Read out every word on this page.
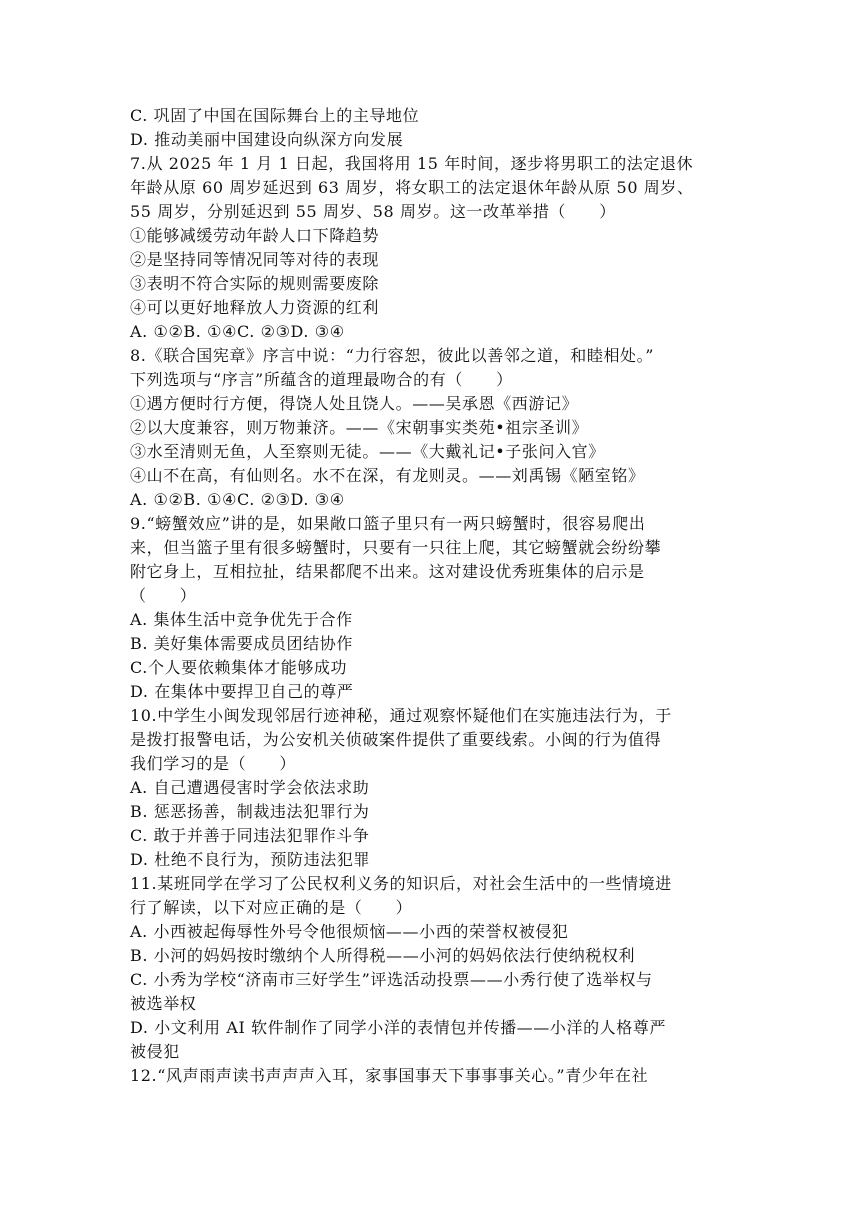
C. 巩固了中国在国际舞台上的主导地位
D. 推动美丽中国建设向纵深方向发展
7.从 2025 年 1 月 1 日起，我国将用 15 年时间，逐步将男职工的法定退休
年龄从原 60 周岁延迟到 63 周岁，将女职工的法定退休年龄从原 50 周岁、
55 周岁，分别延迟到 55 周岁、58 周岁。这一改革举措（　　）
①能够减缓劳动年龄人口下降趋势
②是坚持同等情况同等对待的表现
③表明不符合实际的规则需要废除
④可以更好地释放人力资源的红利
A. ①②B. ①④C. ②③D. ③④
8.《联合国宪章》序言中说：“力行容恕，彼此以善邻之道，和睦相处。”
下列选项与“序言”所蕴含的道理最吻合的有（　　）
①遇方便时行方便，得饶人处且饶人。——吴承恩《西游记》
②以大度兼容，则万物兼济。——《宋朝事实类苑•祖宗圣训》
③水至清则无鱼，人至察则无徒。——《大戴礼记•子张问入官》
④山不在高，有仙则名。水不在深，有龙则灵。——刘禹锡《陋室铭》
A. ①②B. ①④C. ②③D. ③④
9.“螃蟹效应”讲的是，如果敞口篮子里只有一两只螃蟹时，很容易爬出
来，但当篮子里有很多螃蟹时，只要有一只往上爬，其它螃蟹就会纷纷攀
附它身上，互相拉扯，结果都爬不出来。这对建设优秀班集体的启示是
（　　）
A. 集体生活中竞争优先于合作
B. 美好集体需要成员团结协作
C.个人要依赖集体才能够成功
D. 在集体中要捍卫自己的尊严
10.中学生小闽发现邻居行迹神秘，通过观察怀疑他们在实施违法行为，于
是拨打报警电话，为公安机关侦破案件提供了重要线索。小闽的行为值得
我们学习的是（　　）
A. 自己遭遇侵害时学会依法求助
B. 惩恶扬善，制裁违法犯罪行为
C. 敢于并善于同违法犯罪作斗争
D. 杜绝不良行为，预防违法犯罪
11.某班同学在学习了公民权利义务的知识后，对社会生活中的一些情境进
行了解读，以下对应正确的是（　　）
A. 小西被起侮辱性外号令他很烦恼——小西的荣誉权被侵犯
B. 小河的妈妈按时缴纳个人所得税——小河的妈妈依法行使纳税权利
C. 小秀为学校“济南市三好学生”评选活动投票——小秀行使了选举权与
被选举权
D. 小文利用 AI 软件制作了同学小洋的表情包并传播——小洋的人格尊严
被侵犯
12.“风声雨声读书声声声入耳，家事国事天下事事事关心。”青少年在社
